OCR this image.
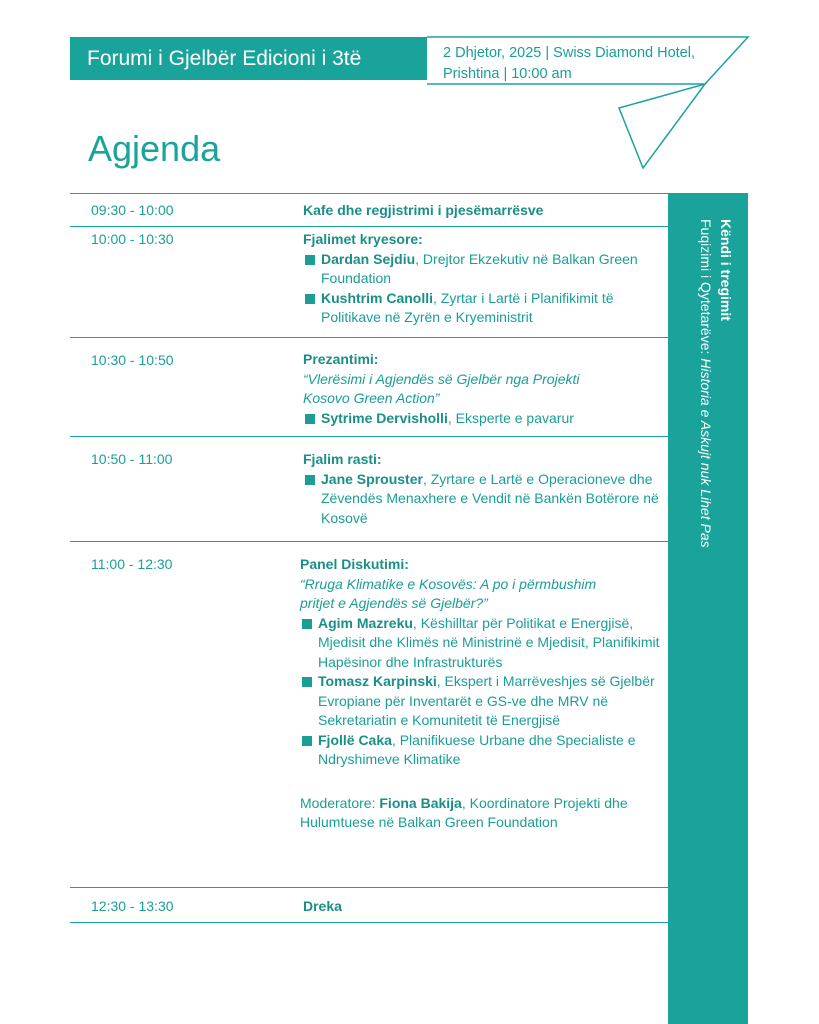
Forumi i Gjelbër Edicioni i 3të	2 Dhjetor, 2025 | Swiss Diamond Hotel,
Prishtina | 10:00 am
Agjenda
Këndi i tregimit
Fuqizimi i Qytetarëve: Historia e Askujt nuk Lihet Pas
09:30 - 10:00	Kafe dhe regjistrimi i pjesëmarrësve
10:00 - 10:30	Fjalimet kryesore:
Dardan Sejdiu, Drejtor Ekzekutiv në Balkan Green Foundation
Kushtrim Canolli, Zyrtar i Lartë i Planifikimit të Politikave në Zyrën e Kryeministrit
10:30 - 10:50	Prezantimi:
“Vlerësimi i Agjendës së Gjelbër nga Projekti Kosovo Green Action”
Sytrime Dervisholli, Eksperte e pavarur
10:50 - 11:00	Fjalim rasti:
Jane Sprouster, Zyrtare e Lartë e Operacioneve dhe Zëvendës Menaxhere e Vendit në Bankën Botërore në Kosovë
11:00 - 12:30	Panel Diskutimi:
“Rruga Klimatike e Kosovës: A po i përmbushim pritjet e Agjendës së Gjelbër?”
Agim Mazreku, Këshilltar për Politikat e Energjisë, Mjedisit dhe Klimës në Ministrinë e Mjedisit, Planifikimit Hapësinor dhe Infrastrukturës
Tomasz Karpinski, Ekspert i Marrëveshjes së Gjelbër Evropiane për Inventarët e GS-ve dhe MRV në Sekretariatin e Komunitetit të Energjisë
Fjollë Caka, Planifikuese Urbane dhe Specialiste e Ndryshimeve Klimatike
Moderatore: Fiona Bakija, Koordinatore Projekti dhe Hulumtuese në Balkan Green Foundation
12:30 - 13:30	Dreka
